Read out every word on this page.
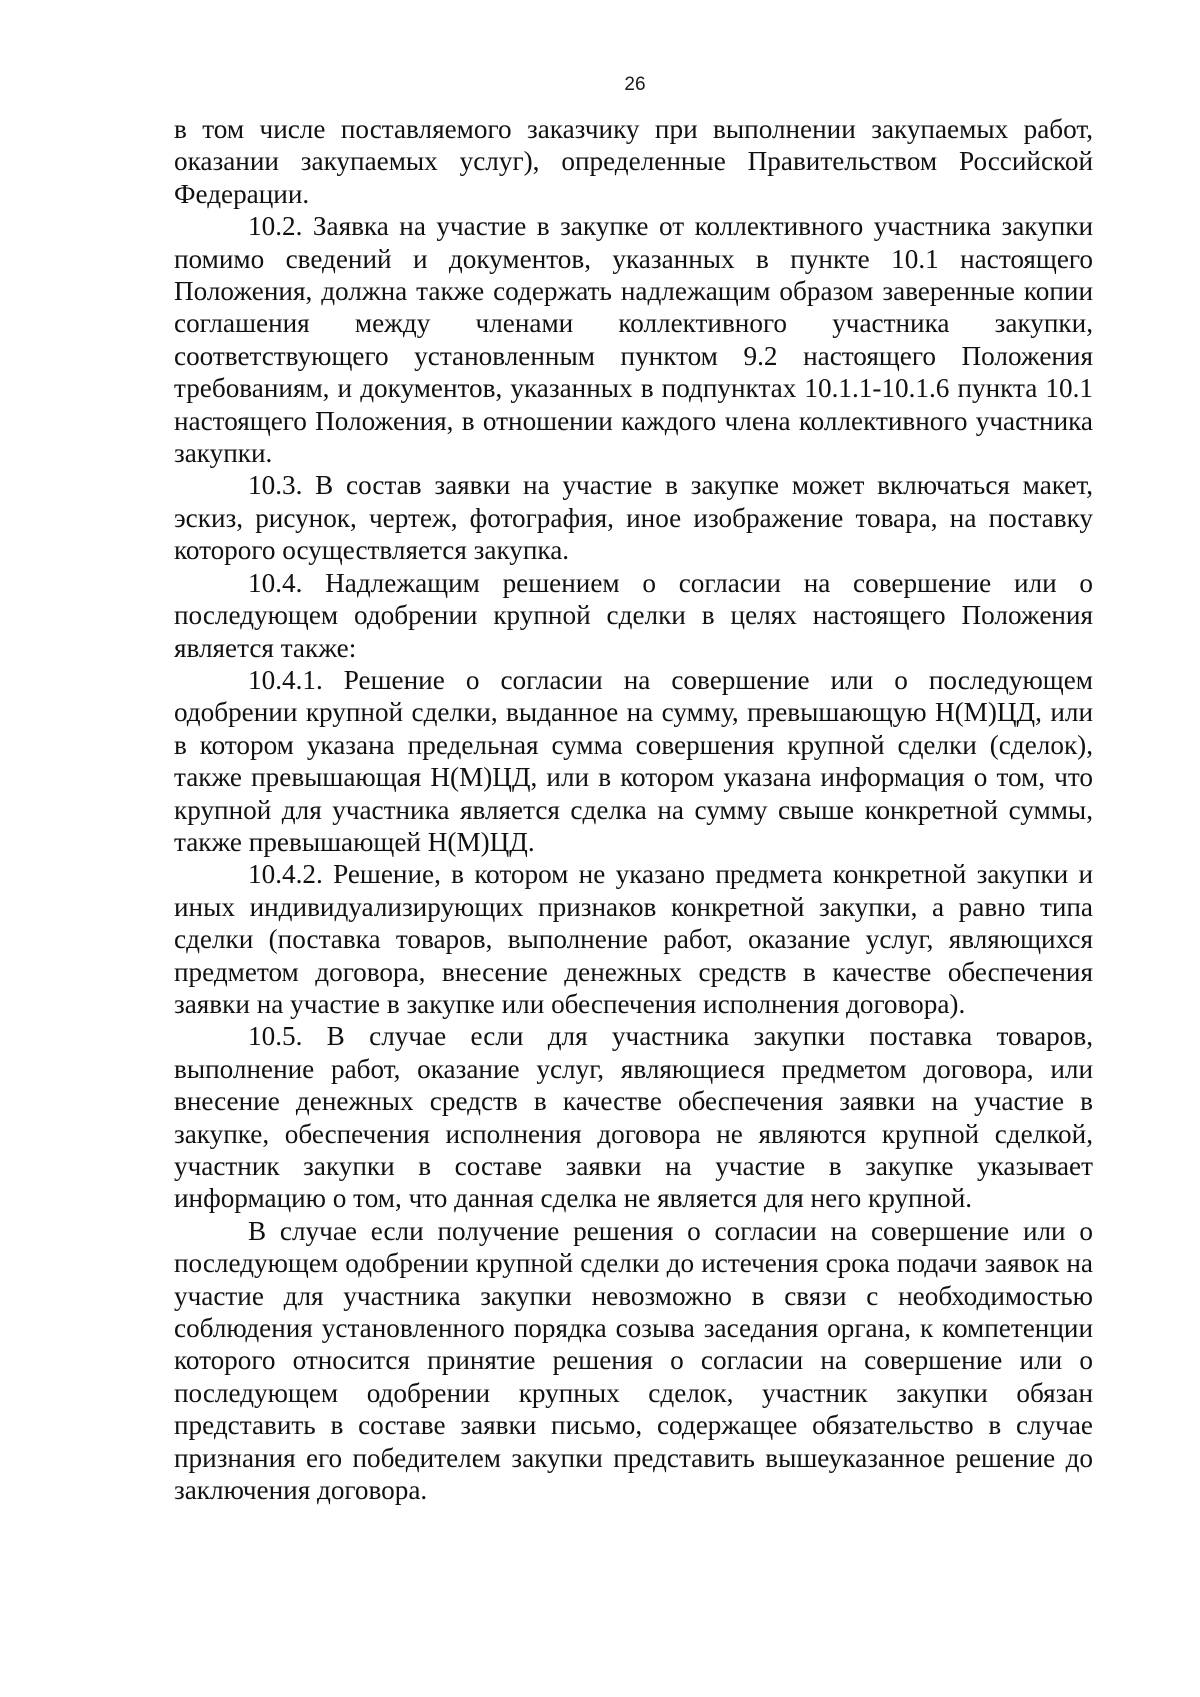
26

в том числе поставляемого заказчику при выполнении закупаемых работ, оказании закупаемых услуг), определенные Правительством Российской Федерации.

10.2. Заявка на участие в закупке от коллективного участника закупки помимо сведений и документов, указанных в пункте 10.1 настоящего Положения, должна также содержать надлежащим образом заверенные копии соглашения между членами коллективного участника закупки, соответствующего установленным пунктом 9.2 настоящего Положения требованиям, и документов, указанных в подпунктах 10.1.1-10.1.6 пункта 10.1 настоящего Положения, в отношении каждого члена коллективного участника закупки.

10.3. В состав заявки на участие в закупке может включаться макет, эскиз, рисунок, чертеж, фотография, иное изображение товара, на поставку которого осуществляется закупка.

10.4. Надлежащим решением о согласии на совершение или о последующем одобрении крупной сделки в целях настоящего Положения является также:

10.4.1. Решение о согласии на совершение или о последующем одобрении крупной сделки, выданное на сумму, превышающую Н(М)ЦД, или в котором указана предельная сумма совершения крупной сделки (сделок), также превышающая Н(М)ЦД, или в котором указана информация о том, что крупной для участника является сделка на сумму свыше конкретной суммы, также превышающей Н(М)ЦД.

10.4.2. Решение, в котором не указано предмета конкретной закупки и иных индивидуализирующих признаков конкретной закупки, а равно типа сделки (поставка товаров, выполнение работ, оказание услуг, являющихся предметом договора, внесение денежных средств в качестве обеспечения заявки на участие в закупке или обеспечения исполнения договора).

10.5. В случае если для участника закупки поставка товаров, выполнение работ, оказание услуг, являющиеся предметом договора, или внесение денежных средств в качестве обеспечения заявки на участие в закупке, обеспечения исполнения договора не являются крупной сделкой, участник закупки в составе заявки на участие в закупке указывает информацию о том, что данная сделка не является для него крупной.

В случае если получение решения о согласии на совершение или о последующем одобрении крупной сделки до истечения срока подачи заявок на участие для участника закупки невозможно в связи с необходимостью соблюдения установленного порядка созыва заседания органа, к компетенции которого относится принятие решения о согласии на совершение или о последующем одобрении крупных сделок, участник закупки обязан представить в составе заявки письмо, содержащее обязательство в случае признания его победителем закупки представить вышеуказанное решение до заключения договора.
